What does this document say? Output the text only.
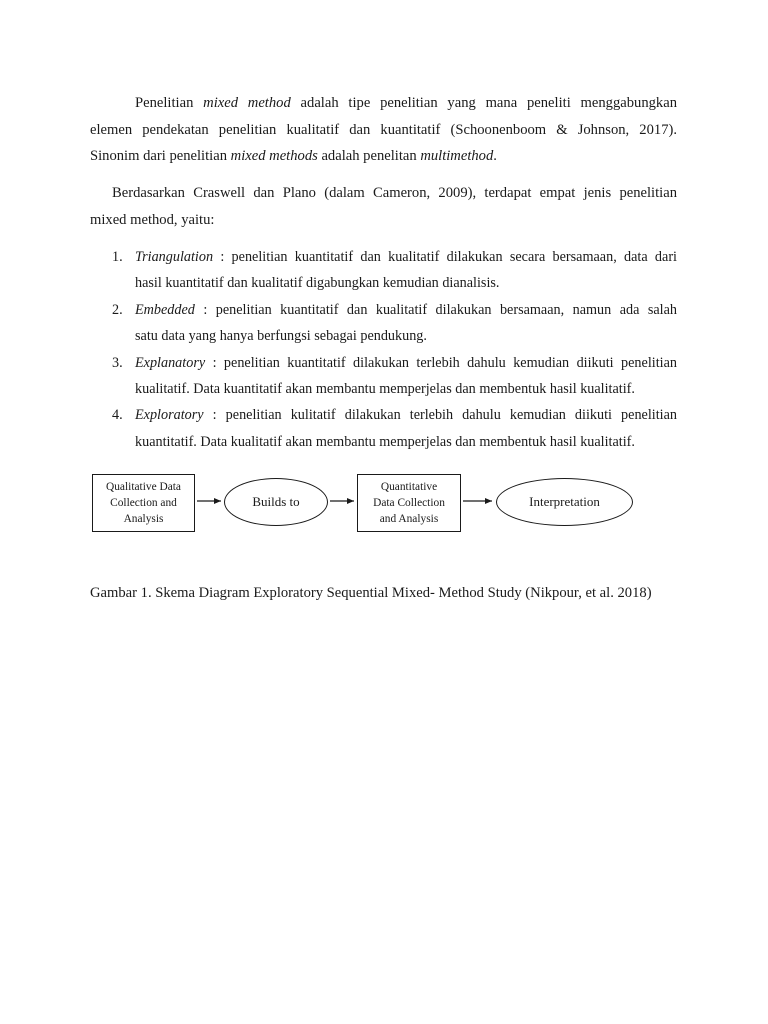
Penelitian mixed method adalah tipe penelitian yang mana peneliti menggabungkan
elemen pendekatan penelitian kualitatif dan kuantitatif (Schoonenboom & Johnson, 2017).
Sinonim dari penelitian mixed methods adalah penelitan multimethod.

Berdasarkan Craswell dan Plano (dalam Cameron, 2009), terdapat empat jenis penelitian
mixed method, yaitu:

1. Triangulation : penelitian kuantitatif dan kualitatif dilakukan secara bersamaan, data dari
hasil kuantitatif dan kualitatif digabungkan kemudian dianalisis.
2. Embedded : penelitian kuantitatif dan kualitatif dilakukan bersamaan, namun ada salah
satu data yang hanya berfungsi sebagai pendukung.
3. Explanatory : penelitian kuantitatif dilakukan terlebih dahulu kemudian diikuti penelitian
kualitatif. Data kuantitatif akan membantu memperjelas dan membentuk hasil kualitatif.
4. Exploratory : penelitian kulitatif dilakukan terlebih dahulu kemudian diikuti penelitian
kuantitatif. Data kualitatif akan membantu memperjelas dan membentuk hasil kualitatif.
Qualitative Data
Collection and
Analysis
Builds to
Quantitative
Data Collection
and Analysis
Interpretation

Gambar 1. Skema Diagram Exploratory Sequential Mixed- Method Study (Nikpour, et al. 2018)
